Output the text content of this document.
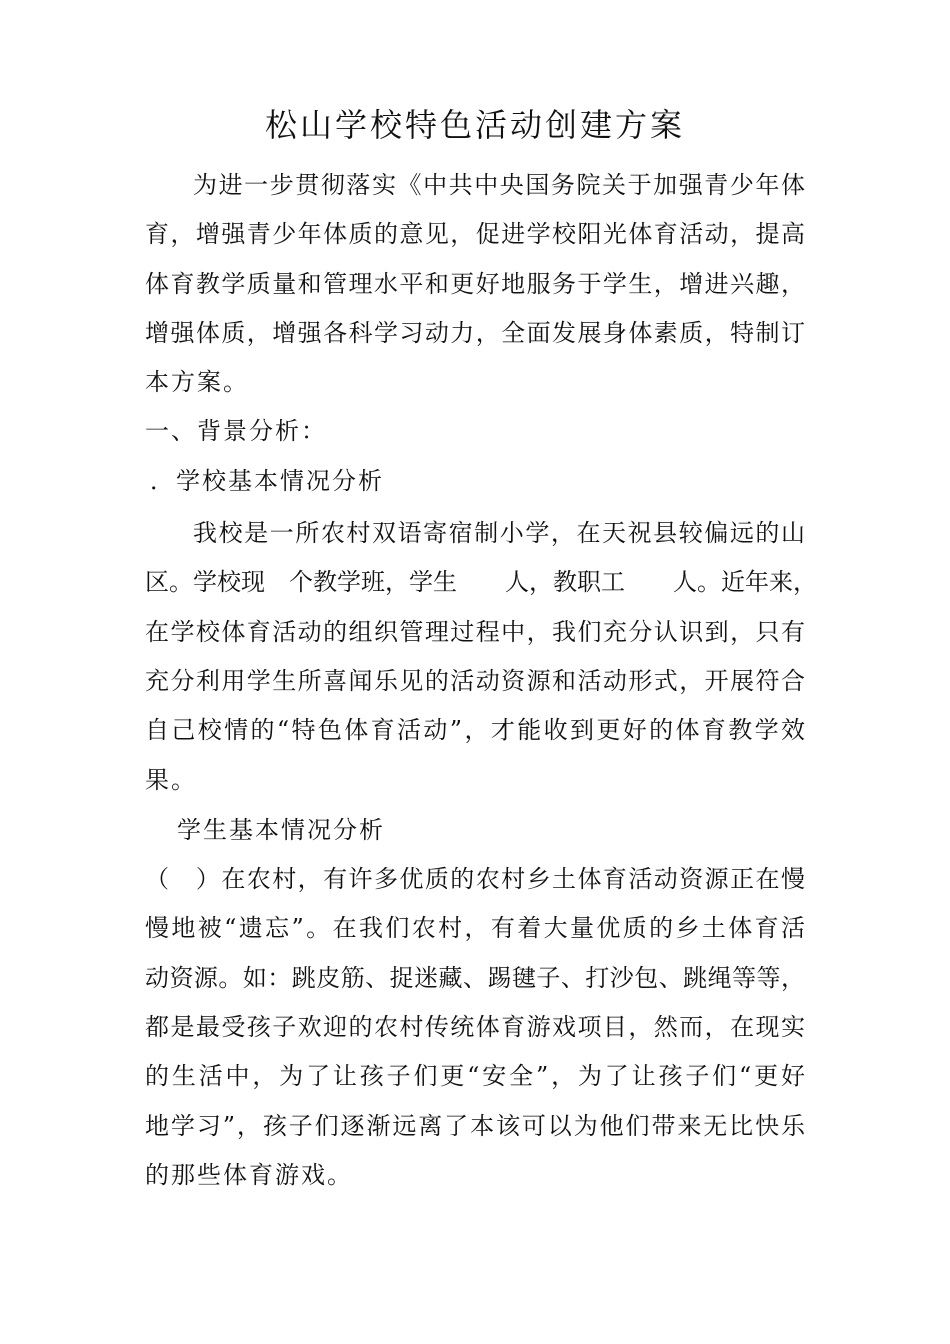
松山学校特色活动创建方案
为进一步贯彻落实《中共中央国务院关于加强青少年体
育，增强青少年体质的意见，促进学校阳光体育活动，提高
体育教学质量和管理水平和更好地服务于学生，增进兴趣，
增强体质，增强各科学习动力，全面发展身体素质，特制订
本方案。
一、背景分析：
．学校基本情况分析
我校是一所农村双语寄宿制小学，在天祝县较偏远的山
区。学校现　个教学班，学生　　人，教职工　　人。近年来，
在学校体育活动的组织管理过程中，我们充分认识到，只有
充分利用学生所喜闻乐见的活动资源和活动形式，开展符合
自己校情的“特色体育活动”，才能收到更好的体育教学效
果。
学生基本情况分析
（　）在农村，有许多优质的农村乡土体育活动资源正在慢
慢地被“遗忘”。在我们农村，有着大量优质的乡土体育活
动资源。如：跳皮筋、捉迷藏、踢毽子、打沙包、跳绳等等，
都是最受孩子欢迎的农村传统体育游戏项目，然而，在现实
的生活中，为了让孩子们更“安全”，为了让孩子们“更好
地学习”，孩子们逐渐远离了本该可以为他们带来无比快乐
的那些体育游戏。
